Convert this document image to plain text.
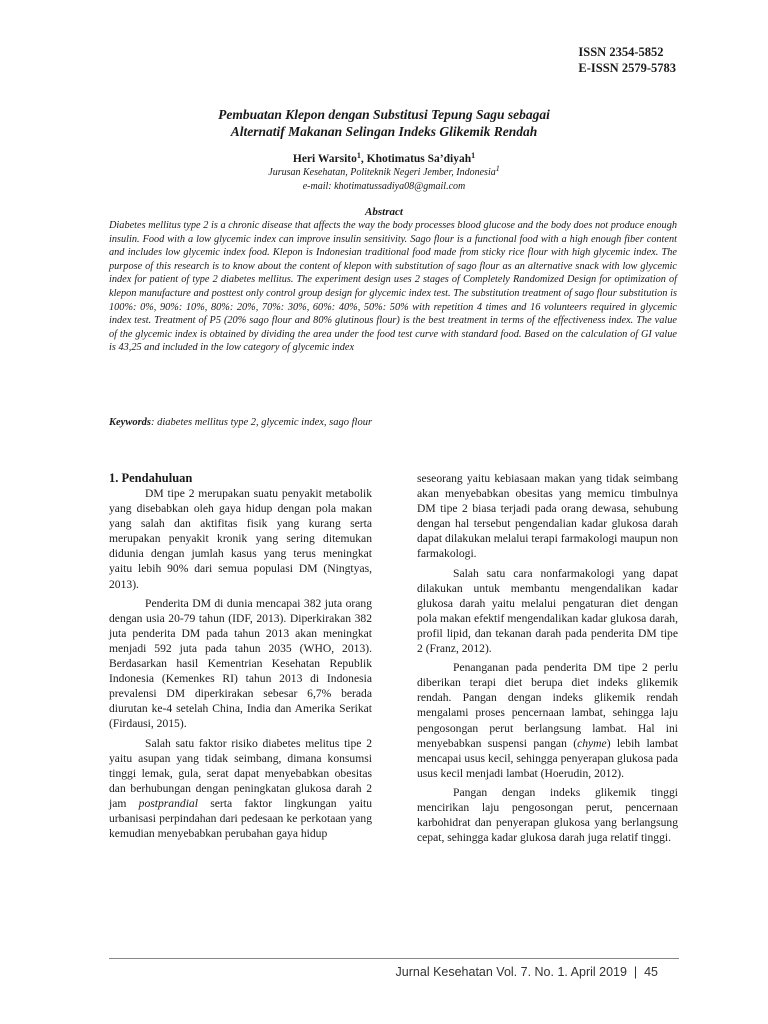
ISSN 2354-5852
E-ISSN 2579-5783
Pembuatan Klepon dengan Substitusi Tepung Sagu sebagai
Alternatif Makanan Selingan Indeks Glikemik Rendah
Heri Warsito$^1$, Khotimatus Sa’diyah$^1$
Jurusan Kesehatan, Politeknik Negeri Jember, Indonesia$^1$
e-mail: khotimatussadiya08@gmail.com
Abstract
Diabetes mellitus type 2 is a chronic disease that affects the way the body processes blood glucose and the body does not produce enough insulin. Food with a low glycemic index can improve insulin sensitivity. Sago flour is a functional food with a high enough fiber content and includes low glycemic index food. Klepon is Indonesian traditional food made from sticky rice flour with high glycemic index. The purpose of this research is to know about the content of klepon with substitution of sago flour as an alternative snack with low glycemic index for patient of type 2 diabetes mellitus. The experiment design uses 2 stages of Completely Randomized Design for optimization of klepon manufacture and posttest only control group design for glycemic index test. The substitution treatment of sago flour substitution is 100%: 0%, 90%: 10%, 80%: 20%, 70%: 30%, 60%: 40%, 50%: 50% with repetition 4 times and 16 volunteers required in glycemic index test. Treatment of P5 (20% sago flour and 80% glutinous flour) is the best treatment in terms of the effectiveness index. The value of the glycemic index is obtained by dividing the area under the food test curve with standard food. Based on the calculation of GI value is 43,25 and included in the low category of glycemic index
Keywords: diabetes mellitus type 2, glycemic index, sago flour
1. Pendahuluan

DM tipe 2 merupakan suatu penyakit metabolik yang disebabkan oleh gaya hidup dengan pola makan yang salah dan aktifitas fisik yang kurang serta merupakan penyakit kronik yang sering ditemukan didunia dengan jumlah kasus yang terus meningkat yaitu lebih 90% dari semua populasi DM (Ningtyas, 2013).

Penderita DM di dunia mencapai 382 juta orang dengan usia 20-79 tahun (IDF, 2013). Diperkirakan 382 juta penderita DM pada tahun 2013 akan meningkat menjadi 592 juta pada tahun 2035 (WHO, 2013). Berdasarkan hasil Kementrian Kesehatan Republik Indonesia (Kemenkes RI) tahun 2013 di Indonesia prevalensi DM diperkirakan sebesar 6,7% berada diurutan ke-4 setelah China, India dan Amerika Serikat (Firdausi, 2015).

Salah satu faktor risiko diabetes melitus tipe 2 yaitu asupan yang tidak seimbang, dimana konsumsi tinggi lemak, gula, serat dapat menyebabkan obesitas dan berhubungan dengan peningkatan glukosa darah 2 jam postprandial serta faktor lingkungan yaitu urbanisasi perpindahan dari pedesaan ke perkotaan yang kemudian menyebabkan perubahan gaya hidup

seseorang yaitu kebiasaan makan yang tidak seimbang akan menyebabkan obesitas yang memicu timbulnya DM tipe 2 biasa terjadi pada orang dewasa, sehubung dengan hal tersebut pengendalian kadar glukosa darah dapat dilakukan melalui terapi farmakologi maupun non farmakologi.

Salah satu cara nonfarmakologi yang dapat dilakukan untuk membantu mengendalikan kadar glukosa darah yaitu melalui pengaturan diet dengan pola makan efektif mengendalikan kadar glukosa darah, profil lipid, dan tekanan darah pada penderita DM tipe 2 (Franz, 2012).

Penanganan pada penderita DM tipe 2 perlu diberikan terapi diet berupa diet indeks glikemik rendah. Pangan dengan indeks glikemik rendah mengalami proses pencernaan lambat, sehingga laju pengosongan perut berlangsung lambat. Hal ini menyebabkan suspensi pangan (chyme) lebih lambat mencapai usus kecil, sehingga penyerapan glukosa pada usus kecil menjadi lambat (Hoerudin, 2012).

Pangan dengan indeks glikemik tinggi mencirikan laju pengosongan perut, pencernaan karbohidrat dan penyerapan glukosa yang berlangsung cepat, sehingga kadar glukosa darah juga relatif tinggi.

Jurnal Kesehatan Vol. 7. No. 1. April 2019  |  45
